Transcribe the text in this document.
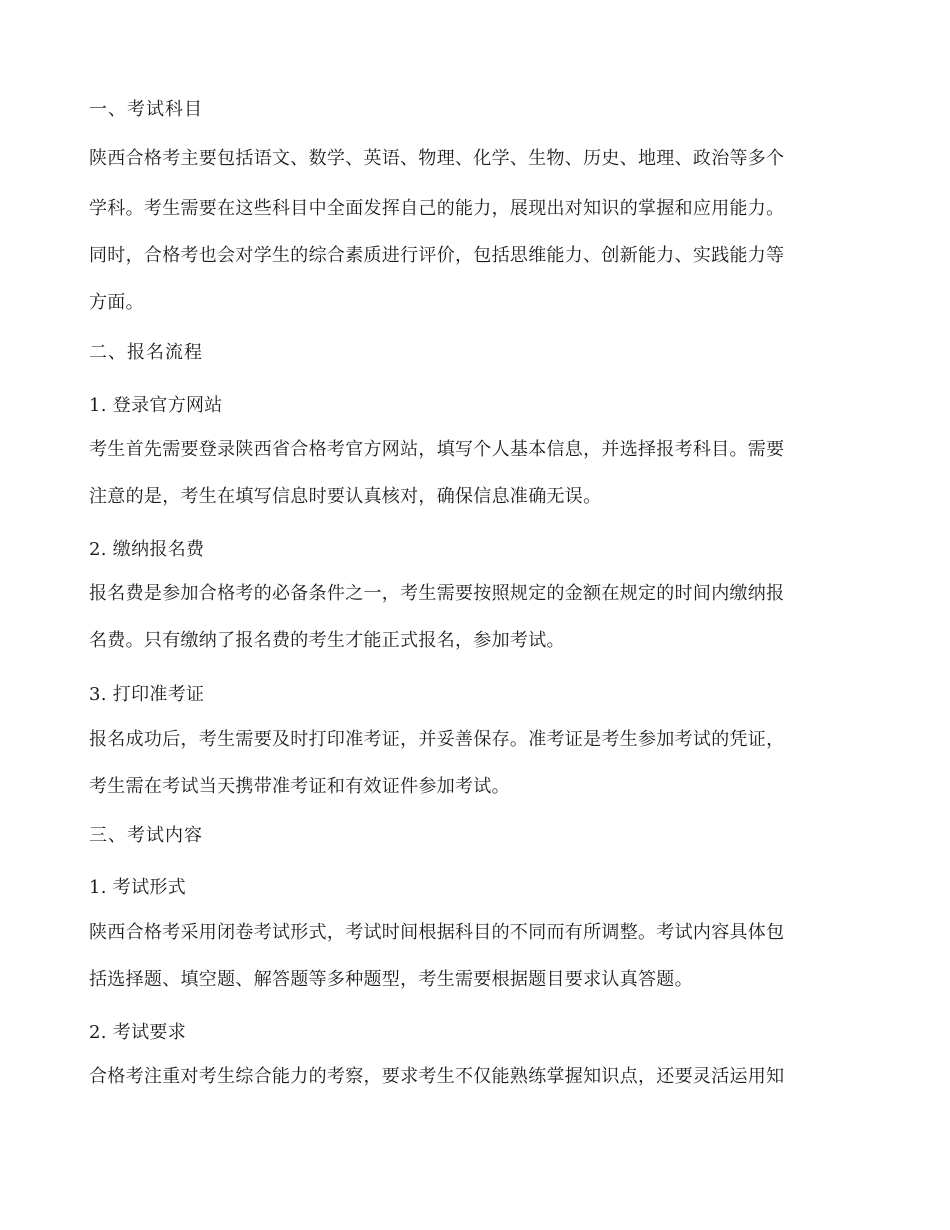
一、考试科目
陕西合格考主要包括语文、数学、英语、物理、化学、生物、历史、地理、政治等多个
学科。考生需要在这些科目中全面发挥自己的能力，展现出对知识的掌握和应用能力。
同时，合格考也会对学生的综合素质进行评价，包括思维能力、创新能力、实践能力等
方面。
二、报名流程
1. 登录官方网站
考生首先需要登录陕西省合格考官方网站，填写个人基本信息，并选择报考科目。需要
注意的是，考生在填写信息时要认真核对，确保信息准确无误。
2. 缴纳报名费
报名费是参加合格考的必备条件之一，考生需要按照规定的金额在规定的时间内缴纳报
名费。只有缴纳了报名费的考生才能正式报名，参加考试。
3. 打印准考证
报名成功后，考生需要及时打印准考证，并妥善保存。准考证是考生参加考试的凭证，
考生需在考试当天携带准考证和有效证件参加考试。
三、考试内容
1. 考试形式
陕西合格考采用闭卷考试形式，考试时间根据科目的不同而有所调整。考试内容具体包
括选择题、填空题、解答题等多种题型，考生需要根据题目要求认真答题。
2. 考试要求
合格考注重对考生综合能力的考察，要求考生不仅能熟练掌握知识点，还要灵活运用知
